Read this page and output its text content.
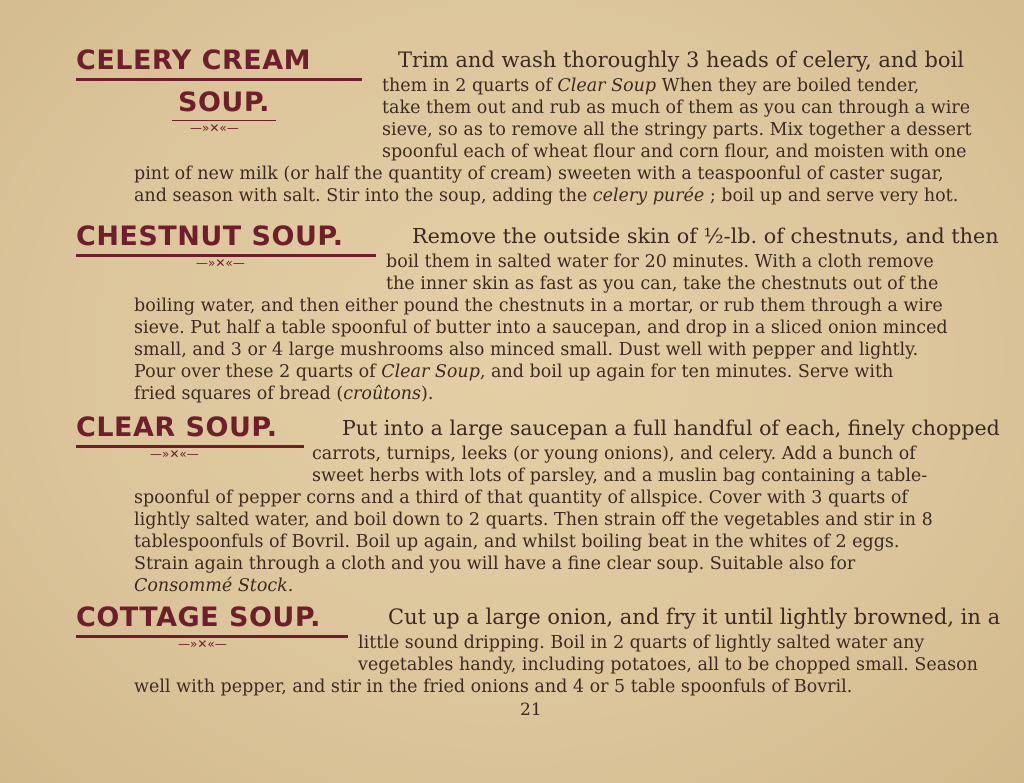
CELERY CREAM
SOUP.
—»✕«—
Trim and wash thoroughly 3 heads of celery, and boil
them in 2 quarts of Clear Soup When they are boiled tender,
take them out and rub as much of them as you can through a wire
sieve, so as to remove all the stringy parts. Mix together a dessert
spoonful each of wheat flour and corn flour, and moisten with one
pint of new milk (or half the quantity of cream) sweeten with a teaspoonful of caster sugar,
and season with salt. Stir into the soup, adding the celery purée ; boil up and serve very hot.
CHESTNUT SOUP.
—»✕«—
Remove the outside skin of ½-lb. of chestnuts, and then
boil them in salted water for 20 minutes. With a cloth remove
the inner skin as fast as you can, take the chestnuts out of the
boiling water, and then either pound the chestnuts in a mortar, or rub them through a wire
sieve. Put half a table spoonful of butter into a saucepan, and drop in a sliced onion minced
small, and 3 or 4 large mushrooms also minced small. Dust well with pepper and lightly.
Pour over these 2 quarts of Clear Soup, and boil up again for ten minutes. Serve with
fried squares of bread (croûtons).
CLEAR SOUP.
—»✕«—
Put into a large saucepan a full handful of each, finely chopped
carrots, turnips, leeks (or young onions), and celery. Add a bunch of
sweet herbs with lots of parsley, and a muslin bag containing a table-
spoonful of pepper corns and a third of that quantity of allspice. Cover with 3 quarts of
lightly salted water, and boil down to 2 quarts. Then strain off the vegetables and stir in 8
tablespoonfuls of Bovril. Boil up again, and whilst boiling beat in the whites of 2 eggs.
Strain again through a cloth and you will have a fine clear soup. Suitable also for
Consommé Stock.
COTTAGE SOUP.
—»✕«—
Cut up a large onion, and fry it until lightly browned, in a
little sound dripping. Boil in 2 quarts of lightly salted water any
vegetables handy, including potatoes, all to be chopped small. Season
well with pepper, and stir in the fried onions and 4 or 5 table spoonfuls of Bovril.
21
